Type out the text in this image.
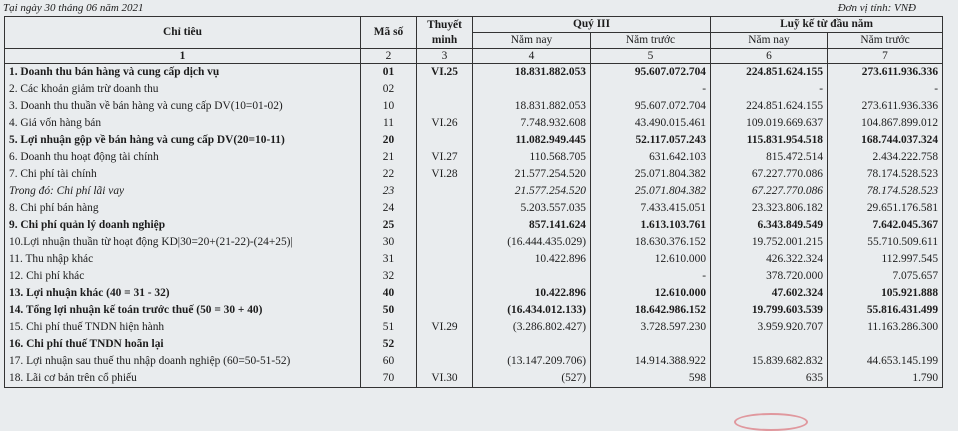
Tại ngày 30 tháng 06 năm 2021	Đơn vị tính: VNĐ
Chỉ tiêu	Mã số	Thuyết minh	Quý III		Luỹ kế từ đầu năm	
			Năm nay	Năm trước	Năm nay	Năm trước
1	2	3	4	5	6	7
1. Doanh thu bán hàng và cung cấp dịch vụ	01	VI.25	18.831.882.053	95.607.072.704	224.851.624.155	273.611.936.336
2. Các khoản giảm trừ doanh thu	02			-	-	-
3. Doanh thu thuần về bán hàng và cung cấp DV(10=01-02)	10		18.831.882.053	95.607.072.704	224.851.624.155	273.611.936.336
4. Giá vốn hàng bán	11	VI.26	7.748.932.608	43.490.015.461	109.019.669.637	104.867.899.012
5. Lợi nhuận gộp về bán hàng và cung cấp DV(20=10-11)	20		11.082.949.445	52.117.057.243	115.831.954.518	168.744.037.324
6. Doanh thu hoạt động tài chính	21	VI.27	110.568.705	631.642.103	815.472.514	2.434.222.758
7. Chi phí tài chính	22	VI.28	21.577.254.520	25.071.804.382	67.227.770.086	78.174.528.523
Trong đó: Chi phí lãi vay	23		21.577.254.520	25.071.804.382	67.227.770.086	78.174.528.523
8. Chi phí bán hàng	24		5.203.557.035	7.433.415.051	23.323.806.182	29.651.176.581
9. Chi phí quản lý doanh nghiệp	25		857.141.624	1.613.103.761	6.343.849.549	7.642.045.367
10.Lợi nhuận thuần từ hoạt động KD|30=20+(21-22)-(24+25)|	30		(16.444.435.029)	18.630.376.152	19.752.001.215	55.710.509.611
11. Thu nhập khác	31		10.422.896	12.610.000	426.322.324	112.997.545
12. Chi phí khác	32			-	378.720.000	7.075.657
13. Lợi nhuận khác (40 = 31 - 32)	40		10.422.896	12.610.000	47.602.324	105.921.888
14. Tổng lợi nhuận kế toán trước thuế (50 = 30 + 40)	50		(16.434.012.133)	18.642.986.152	19.799.603.539	55.816.431.499
15. Chi phí thuế TNDN hiện hành	51	VI.29	(3.286.802.427)	3.728.597.230	3.959.920.707	11.163.286.300
16. Chi phí thuế TNDN hoãn lại	52					
17. Lợi nhuận sau thuế thu nhập doanh nghiệp (60=50-51-52)	60		(13.147.209.706)	14.914.388.922	15.839.682.832	44.653.145.199
18. Lãi cơ bản trên cổ phiếu	70	VI.30	(527)	598	635	1.790
